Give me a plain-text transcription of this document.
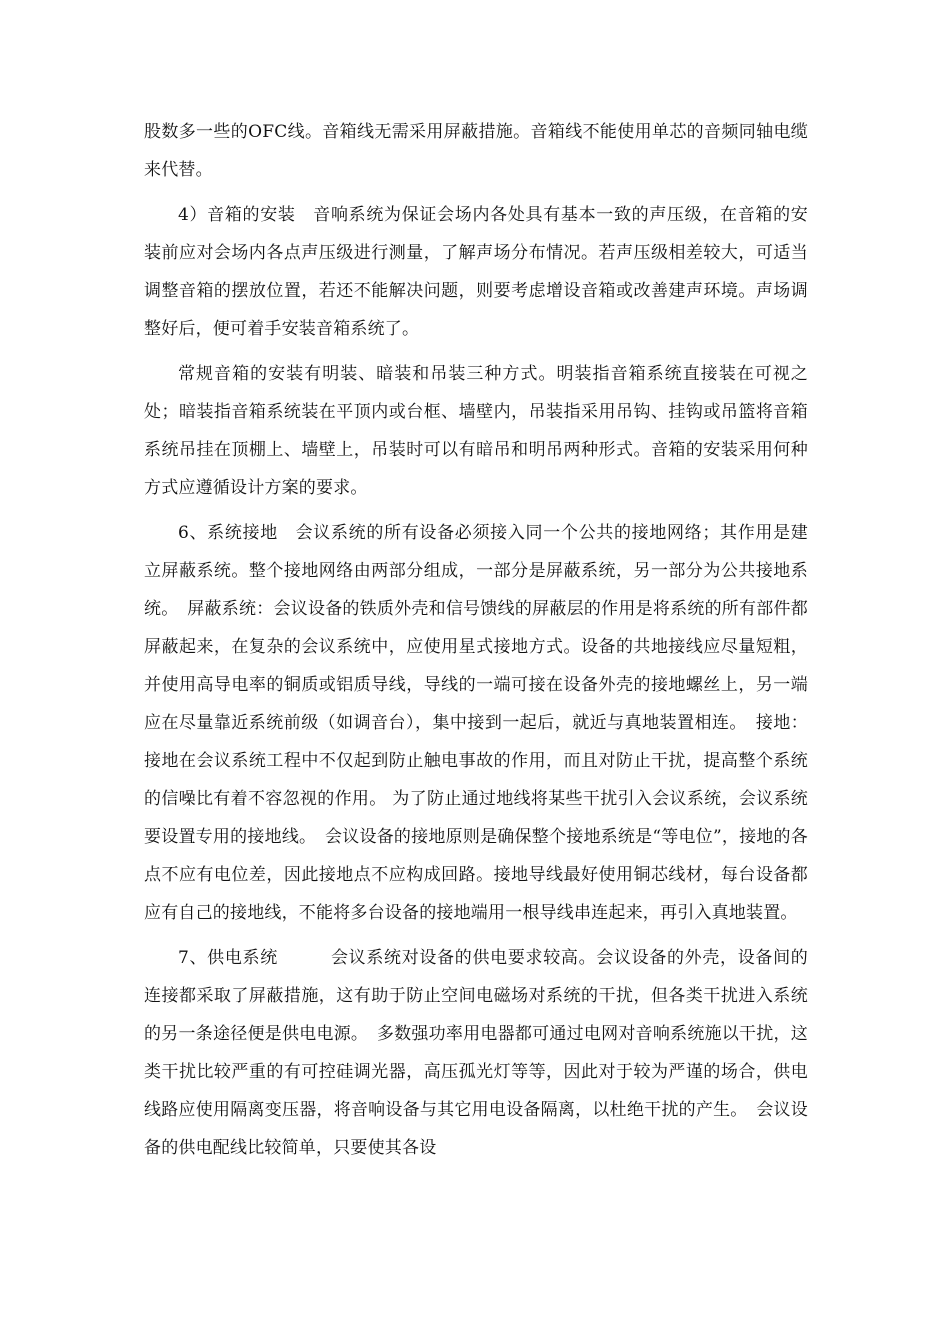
股数多一些的OFC线。音箱线无需采用屏蔽措施。音箱线不能使用单芯的音频同轴电缆来代替。

4）音箱的安装　音响系统为保证会场内各处具有基本一致的声压级，在音箱的安装前应对会场内各点声压级进行测量，了解声场分布情况。若声压级相差较大，可适当调整音箱的摆放位置，若还不能解决问题，则要考虑增设音箱或改善建声环境。声场调整好后，便可着手安装音箱系统了。

常规音箱的安装有明装、暗装和吊装三种方式。明装指音箱系统直接装在可视之处；暗装指音箱系统装在平顶内或台框、墙壁内，吊装指采用吊钩、挂钩或吊篮将音箱系统吊挂在顶棚上、墙壁上，吊装时可以有暗吊和明吊两种形式。音箱的安装采用何种方式应遵循设计方案的要求。

6、系统接地　会议系统的所有设备必须接入同一个公共的接地网络；其作用是建立屏蔽系统。整个接地网络由两部分组成，一部分是屏蔽系统，另一部分为公共接地系统。　屏蔽系统：会议设备的铁质外壳和信号馈线的屏蔽层的作用是将系统的所有部件都屏蔽起来，在复杂的会议系统中，应使用星式接地方式。设备的共地接线应尽量短粗，并使用高导电率的铜质或铝质导线，导线的一端可接在设备外壳的接地螺丝上，另一端应在尽量靠近系统前级（如调音台），集中接到一起后，就近与真地装置相连。　接地：接地在会议系统工程中不仅起到防止触电事故的作用，而且对防止干扰，提高整个系统的信噪比有着不容忽视的作用。 为了防止通过地线将某些干扰引入会议系统，会议系统要设置专用的接地线。　会议设备的接地原则是确保整个接地系统是“等电位”，接地的各点不应有电位差，因此接地点不应构成回路。接地导线最好使用铜芯线材，每台设备都应有自己的接地线，不能将多台设备的接地端用一根导线串连起来，再引入真地装置。

7、供电系统　　　会议系统对设备的供电要求较高。会议设备的外壳，设备间的连接都采取了屏蔽措施，这有助于防止空间电磁场对系统的干扰，但各类干扰进入系统的另一条途径便是供电电源。　多数强功率用电器都可通过电网对音响系统施以干扰，这类干扰比较严重的有可控硅调光器，高压孤光灯等等，因此对于较为严谨的场合，供电线路应使用隔离变压器，将音响设备与其它用电设备隔离，以杜绝干扰的产生。　会议设备的供电配线比较简单，只要使其各设
